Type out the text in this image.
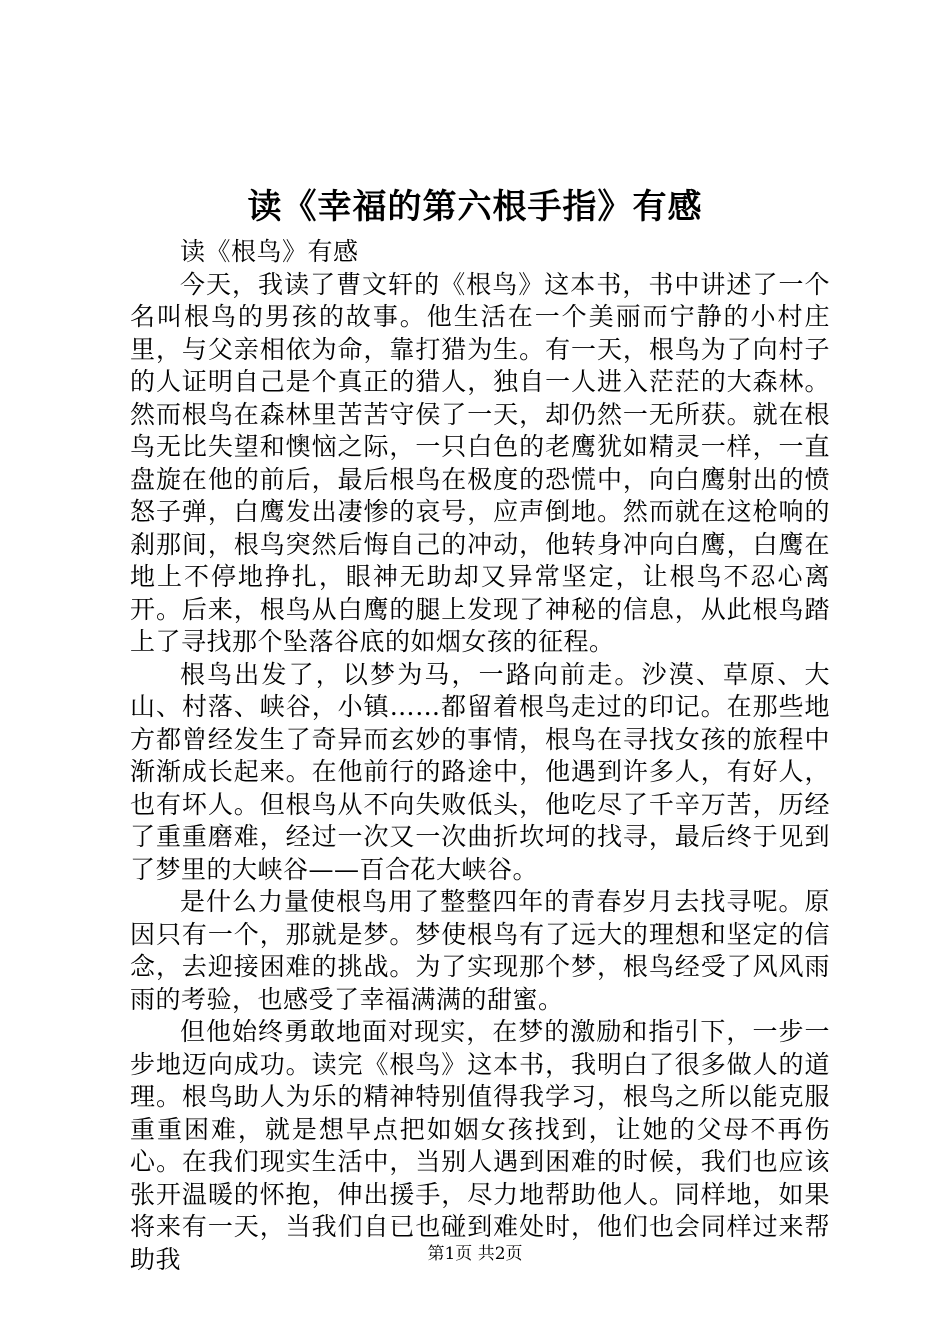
读《幸福的第六根手指》有感

读《根鸟》有感

今天，我读了曹文轩的《根鸟》这本书，书中讲述了一个名叫根鸟的男孩的故事。他生活在一个美丽而宁静的小村庄里，与父亲相依为命，靠打猎为生。有一天，根鸟为了向村子的人证明自己是个真正的猎人，独自一人进入茫茫的大森林。然而根鸟在森林里苦苦守侯了一天，却仍然一无所获。就在根鸟无比失望和懊恼之际，一只白色的老鹰犹如精灵一样，一直盘旋在他的前后，最后根鸟在极度的恐慌中，向白鹰射出的愤怒子弹，白鹰发出凄惨的哀号，应声倒地。然而就在这枪响的刹那间，根鸟突然后悔自己的冲动，他转身冲向白鹰，白鹰在地上不停地挣扎，眼神无助却又异常坚定，让根鸟不忍心离开。后来，根鸟从白鹰的腿上发现了神秘的信息，从此根鸟踏上了寻找那个坠落谷底的如烟女孩的征程。

根鸟出发了，以梦为马，一路向前走。沙漠、草原、大山、村落、峡谷，小镇……都留着根鸟走过的印记。在那些地方都曾经发生了奇异而玄妙的事情，根鸟在寻找女孩的旅程中渐渐成长起来。在他前行的路途中，他遇到许多人，有好人，也有坏人。但根鸟从不向失败低头，他吃尽了千辛万苦，历经了重重磨难，经过一次又一次曲折坎坷的找寻，最后终于见到了梦里的大峡谷——百合花大峡谷。

是什么力量使根鸟用了整整四年的青春岁月去找寻呢。原因只有一个，那就是梦。梦使根鸟有了远大的理想和坚定的信念，去迎接困难的挑战。为了实现那个梦，根鸟经受了风风雨雨的考验，也感受了幸福满满的甜蜜。

但他始终勇敢地面对现实，在梦的激励和指引下，一步一步地迈向成功。读完《根鸟》这本书，我明白了很多做人的道理。根鸟助人为乐的精神特别值得我学习，根鸟之所以能克服重重困难，就是想早点把如姻女孩找到，让她的父母不再伤心。在我们现实生活中，当别人遇到困难的时候，我们也应该张开温暖的怀抱，伸出援手，尽力地帮助他人。同样地，如果将来有一天，当我们自已也碰到难处时，他们也会同样过来帮助我	第1页 共2页
